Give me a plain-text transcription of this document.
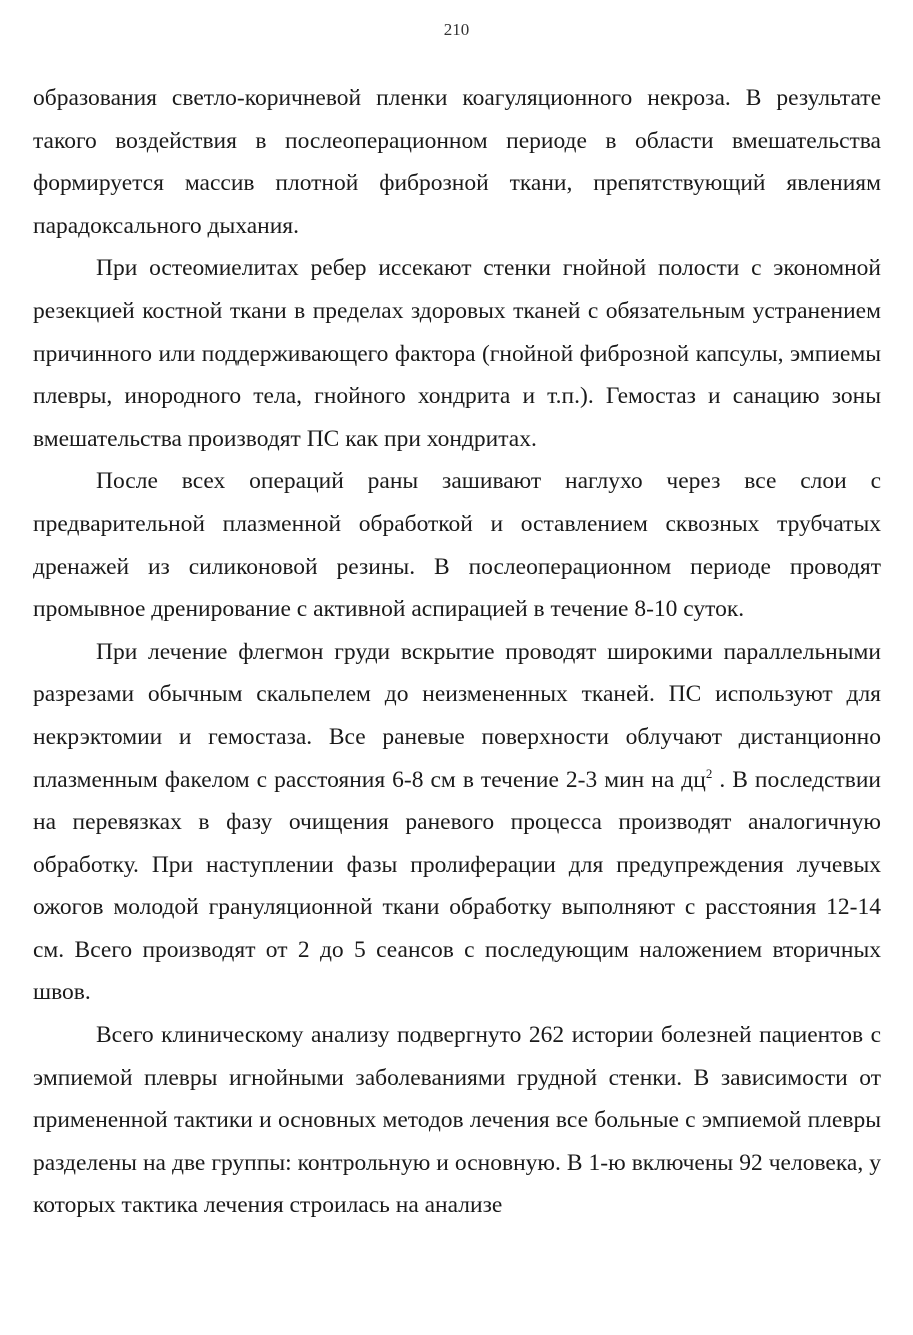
210

образования светло-коричневой пленки коагуляционного некроза. В результате такого воздействия в послеоперационном периоде в области вмешательства формируется массив плотной фиброзной ткани, препятствующий явлениям парадоксального дыхания.

При остеомиелитах ребер иссекают стенки гнойной полости с экономной резекцией костной ткани в пределах здоровых тканей с обязательным устранением причинного или поддерживающего фактора (гнойной фиброзной капсулы, эмпиемы плевры, инородного тела, гнойного хондрита и т.п.). Гемостаз и санацию зоны вмешательства производят ПС как при хондритах.

После всех операций раны зашивают наглухо через все слои с предварительной плазменной обработкой и оставлением сквозных трубчатых дренажей из силиконовой резины. В послеоперационном периоде проводят промывное дренирование с активной аспирацией в течение 8-10 суток.

При лечение флегмон груди вскрытие проводят широкими параллельными разрезами обычным скальпелем до неизмененных тканей. ПС используют для некрэктомии и гемостаза. Все раневые поверхности облучают дистанционно плазменным факелом с расстояния 6-8 см в течение 2-3 мин на $дц^2$ . В последствии на перевязках в фазу очищения раневого процесса производят аналогичную обработку. При наступлении фазы пролиферации для предупреждения лучевых ожогов молодой грануляционной ткани обработку выполняют с расстояния 12-14 см. Всего производят от 2 до 5 сеансов с последующим наложением вторичных швов.

Всего клиническому анализу подвергнуто 262 истории болезней пациентов с эмпиемой плевры игнойными заболеваниями грудной стенки. В зависимости от примененной тактики и основных методов лечения все больные с эмпиемой плевры разделены на две группы: контрольную и основную. В 1-ю включены 92 человека, у которых тактика лечения строилась на анализе
